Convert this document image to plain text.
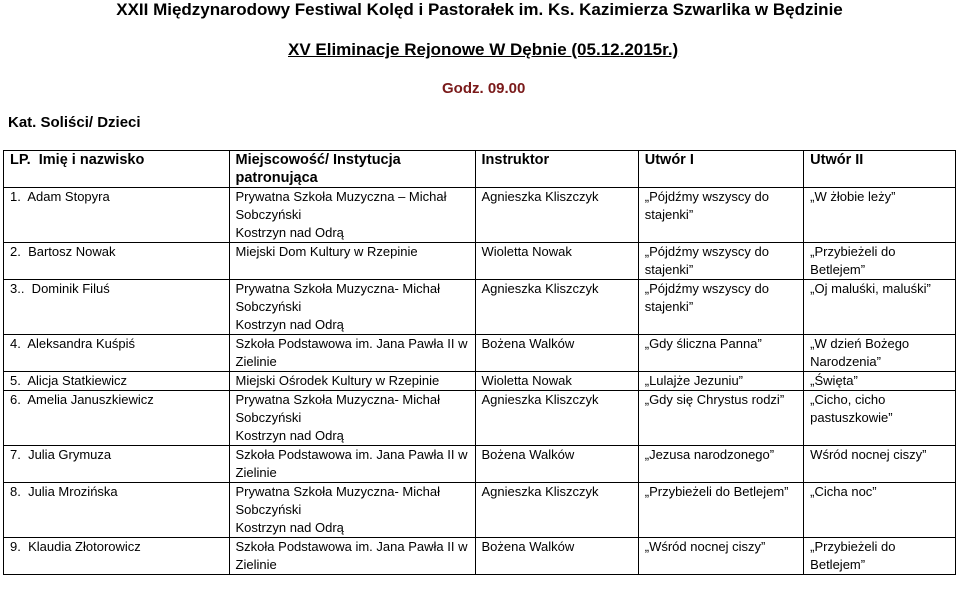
XXII Międzynarodowy Festiwal Kolęd i Pastorałek im. Ks. Kazimierza Szwarlika w Będzinie
XV Eliminacje Rejonowe W Dębnie (05.12.2015r.)
Godz. 09.00
Kat. Soliści/ Dzieci
LP.  Imię i nazwisko	Miejscowość/ Instytucja patronująca	Instruktor	Utwór I	Utwór II
1.  Adam Stopyra	Prywatna Szkoła Muzyczna – Michał Sobczyński
Kostrzyn nad Odrą	Agnieszka Kliszczyk	„Pójdźmy wszyscy do stajenki”	„W żłobie leży”
2.  Bartosz Nowak	Miejski Dom Kultury w Rzepinie	Wioletta Nowak	„Pójdźmy wszyscy do stajenki”	„Przybieżeli do Betlejem”
3..  Dominik Filuś	Prywatna Szkoła Muzyczna- Michał Sobczyński
Kostrzyn nad Odrą	Agnieszka Kliszczyk	„Pójdźmy wszyscy do stajenki”	„Oj maluśki, maluśki”
4.  Aleksandra Kuśpiś	Szkoła Podstawowa im. Jana Pawła II w Zielinie	Bożena Walków	„Gdy śliczna Panna”	„W dzień Bożego Narodzenia”
5.  Alicja Statkiewicz	Miejski Ośrodek Kultury w Rzepinie	Wioletta Nowak	„Lulajże Jezuniu”	„Święta”
6.  Amelia Januszkiewicz	Prywatna Szkoła Muzyczna- Michał Sobczyński
Kostrzyn nad Odrą	Agnieszka Kliszczyk	„Gdy się Chrystus rodzi”	„Cicho, cicho pastuszkowie”
7.  Julia Grymuza	Szkoła Podstawowa im. Jana Pawła II w Zielinie	Bożena Walków	„Jezusa narodzonego”	Wśród nocnej ciszy”
8.  Julia Mrozińska	Prywatna Szkoła Muzyczna- Michał Sobczyński
Kostrzyn nad Odrą	Agnieszka Kliszczyk	„Przybieżeli do Betlejem”	„Cicha noc”
9.  Klaudia Złotorowicz	Szkoła Podstawowa im. Jana Pawła II w Zielinie	Bożena Walków	„Wśród nocnej ciszy”	„Przybieżeli do Betlejem”
